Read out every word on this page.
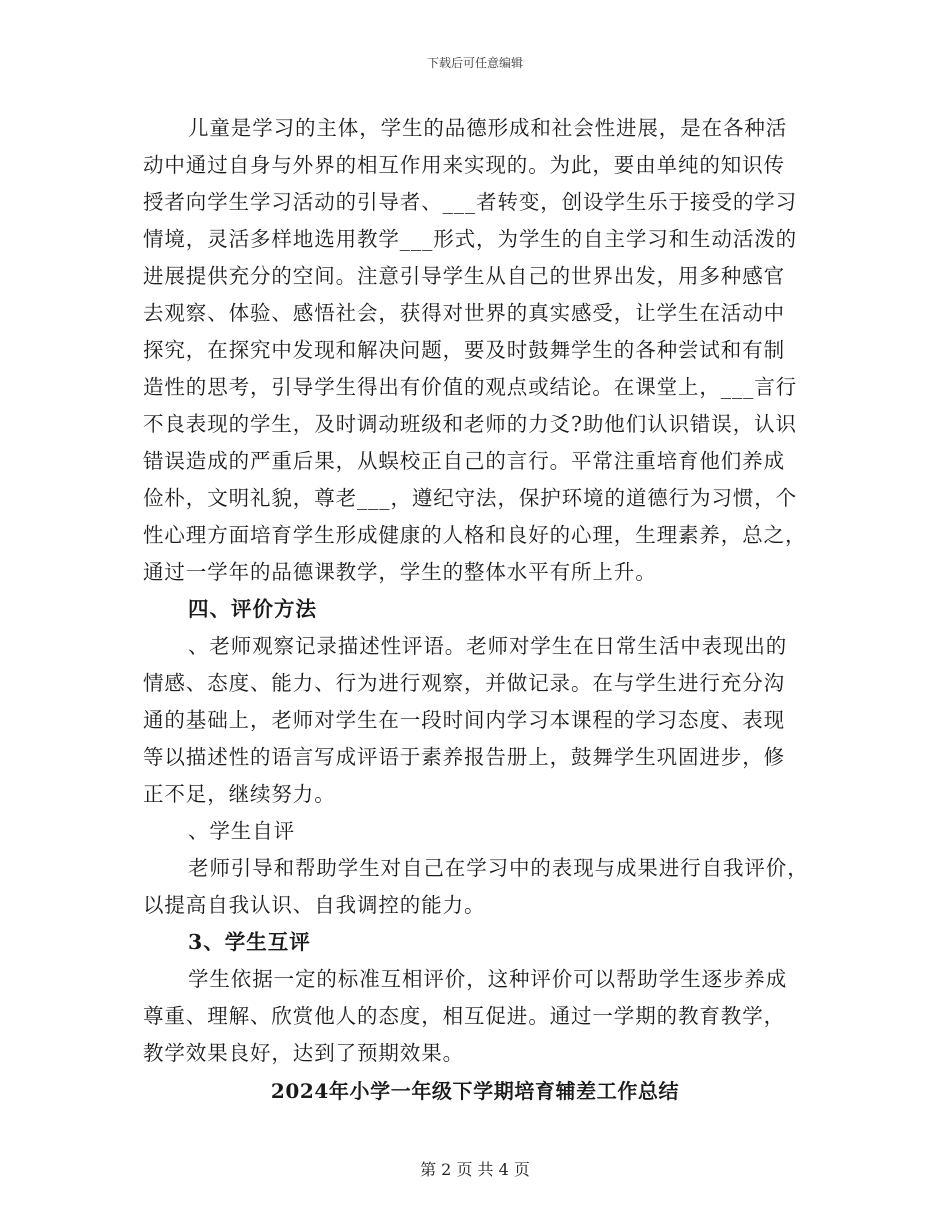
下载后可任意编辑

儿童是学习的主体，学生的品德形成和社会性进展，是在各种活
动中通过自身与外界的相互作用来实现的。为此，要由单纯的知识传
授者向学生学习活动的引导者、___者转变，创设学生乐于接受的学习
情境，灵活多样地选用教学___形式，为学生的自主学习和生动活泼的
进展提供充分的空间。注意引导学生从自己的世界出发，用多种感官
去观察、体验、感悟社会，获得对世界的真实感受，让学生在活动中
探究，在探究中发现和解决问题，要及时鼓舞学生的各种尝试和有制
造性的思考，引导学生得出有价值的观点或结论。在课堂上，___言行
不良表现的学生，及时调动班级和老师的力爻?助他们认识错误，认识
错误造成的严重后果，从蜈校正自己的言行。平常注重培育他们养成
俭朴，文明礼貌，尊老___，遵纪守法，保护环境的道德行为习惯，个
性心理方面培育学生形成健康的人格和良好的心理，生理素养，总之，
通过一学年的品德课教学，学生的整体水平有所上升。

四、评价方法

、老师观察记录描述性评语。老师对学生在日常生活中表现出的
情感、态度、能力、行为进行观察，并做记录。在与学生进行充分沟
通的基础上，老师对学生在一段时间内学习本课程的学习态度、表现
等以描述性的语言写成评语于素养报告册上，鼓舞学生巩固进步，修
正不足，继续努力。

、学生自评

老师引导和帮助学生对自己在学习中的表现与成果进行自我评价，
以提高自我认识、自我调控的能力。

3、学生互评

学生依据一定的标准互相评价，这种评价可以帮助学生逐步养成
尊重、理解、欣赏他人的态度，相互促进。通过一学期的教育教学，
教学效果良好，达到了预期效果。

2024年小学一年级下学期培育辅差工作总结
第 2 页 共 4 页
